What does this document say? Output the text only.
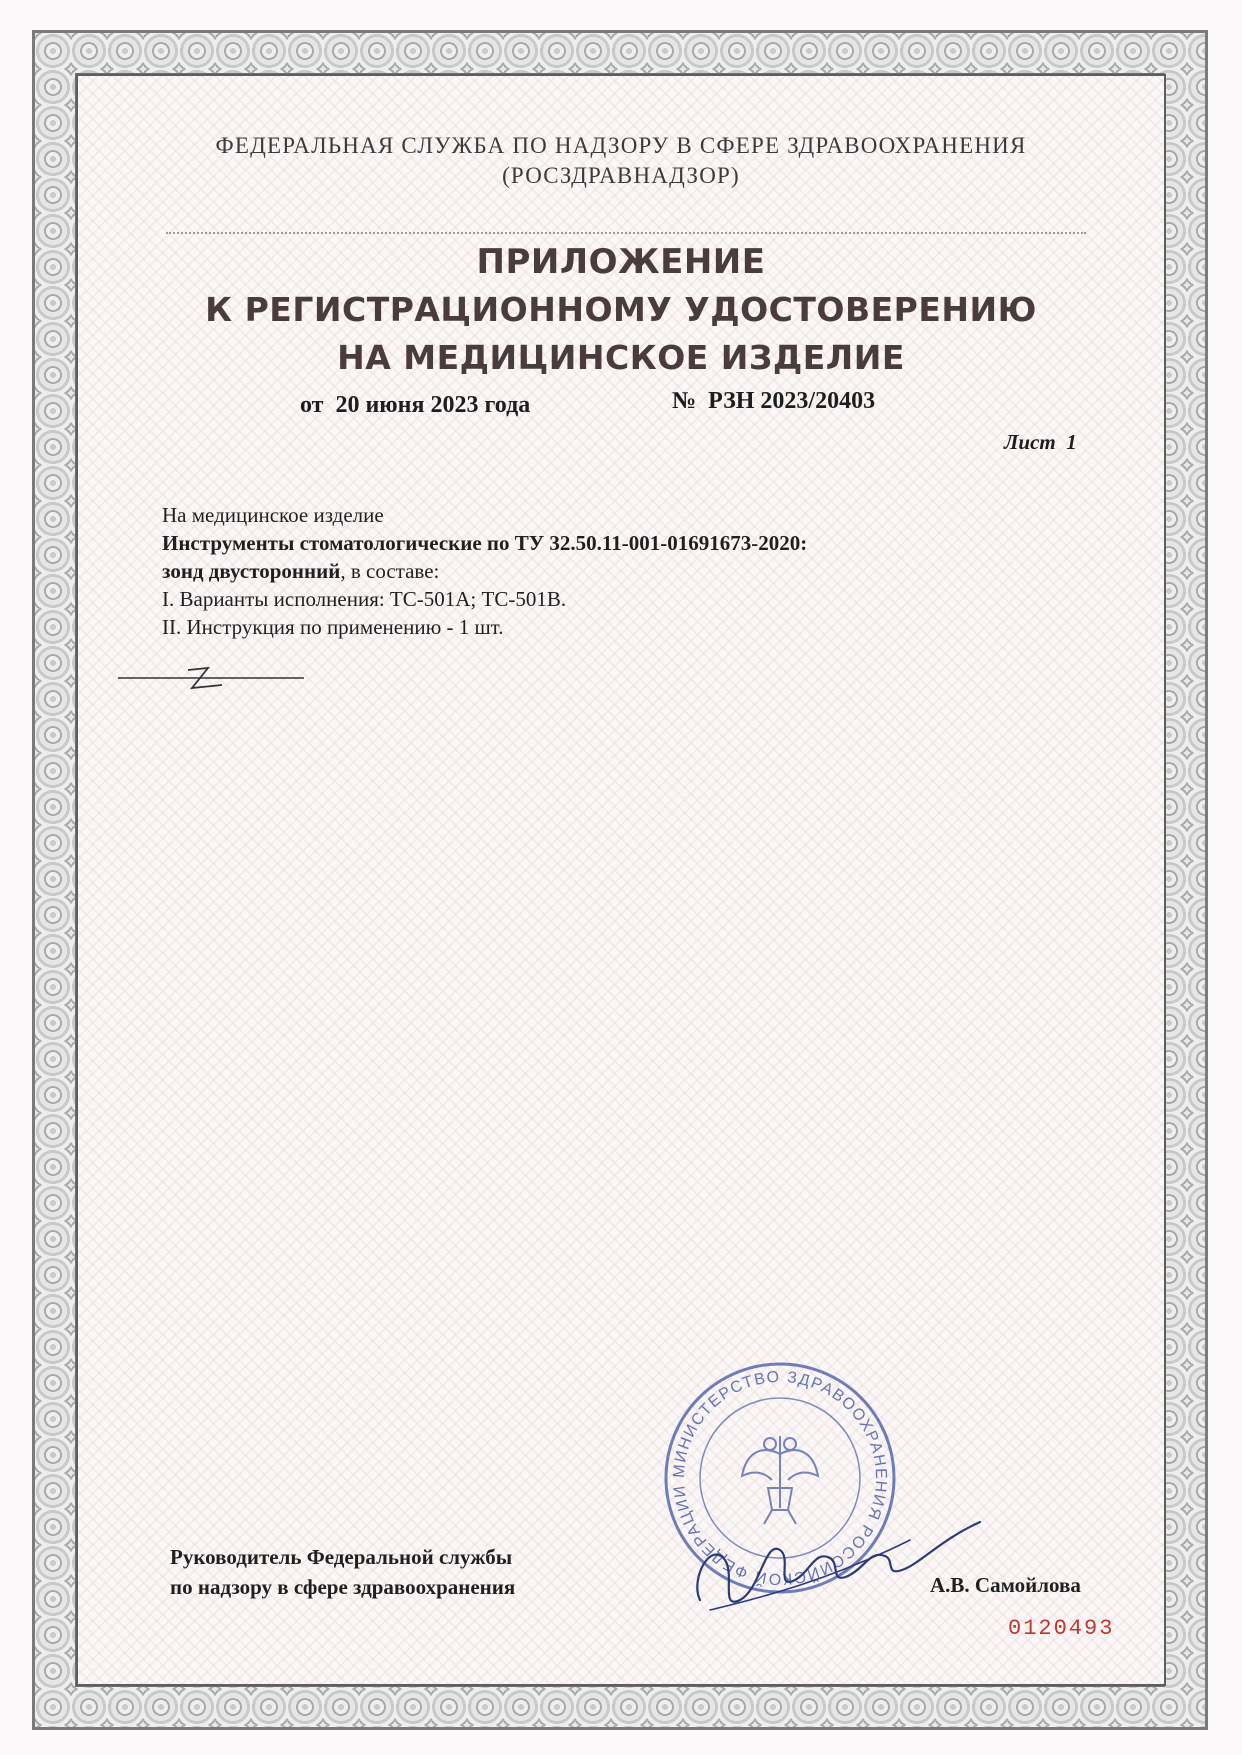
ФЕДЕРАЛЬНАЯ СЛУЖБА ПО НАДЗОРУ В СФЕРЕ ЗДРАВООХРАНЕНИЯ
(РОСЗДРАВНАДЗОР)
ПРИЛОЖЕНИЕ
К РЕГИСТРАЦИОННОМУ УДОСТОВЕРЕНИЮ
НА МЕДИЦИНСКОЕ ИЗДЕЛИЕ
от  20 июня 2023 года	№  РЗН 2023/20403
Лист  1
На медицинское изделие
Инструменты стоматологические по ТУ 32.50.11-001-01691673-2020:
зонд двусторонний, в составе:
I. Варианты исполнения: ТС-501А; ТС-501В.
II. Инструкция по применению - 1 шт.
МИНИСТЕРСТВО ЗДРАВООХРАНЕНИЯ РОССИЙСКОЙ ФЕДЕРАЦИИ
Руководитель Федеральной службы
по надзору в сфере здравоохранения	А.В. Самойлова
0120493
